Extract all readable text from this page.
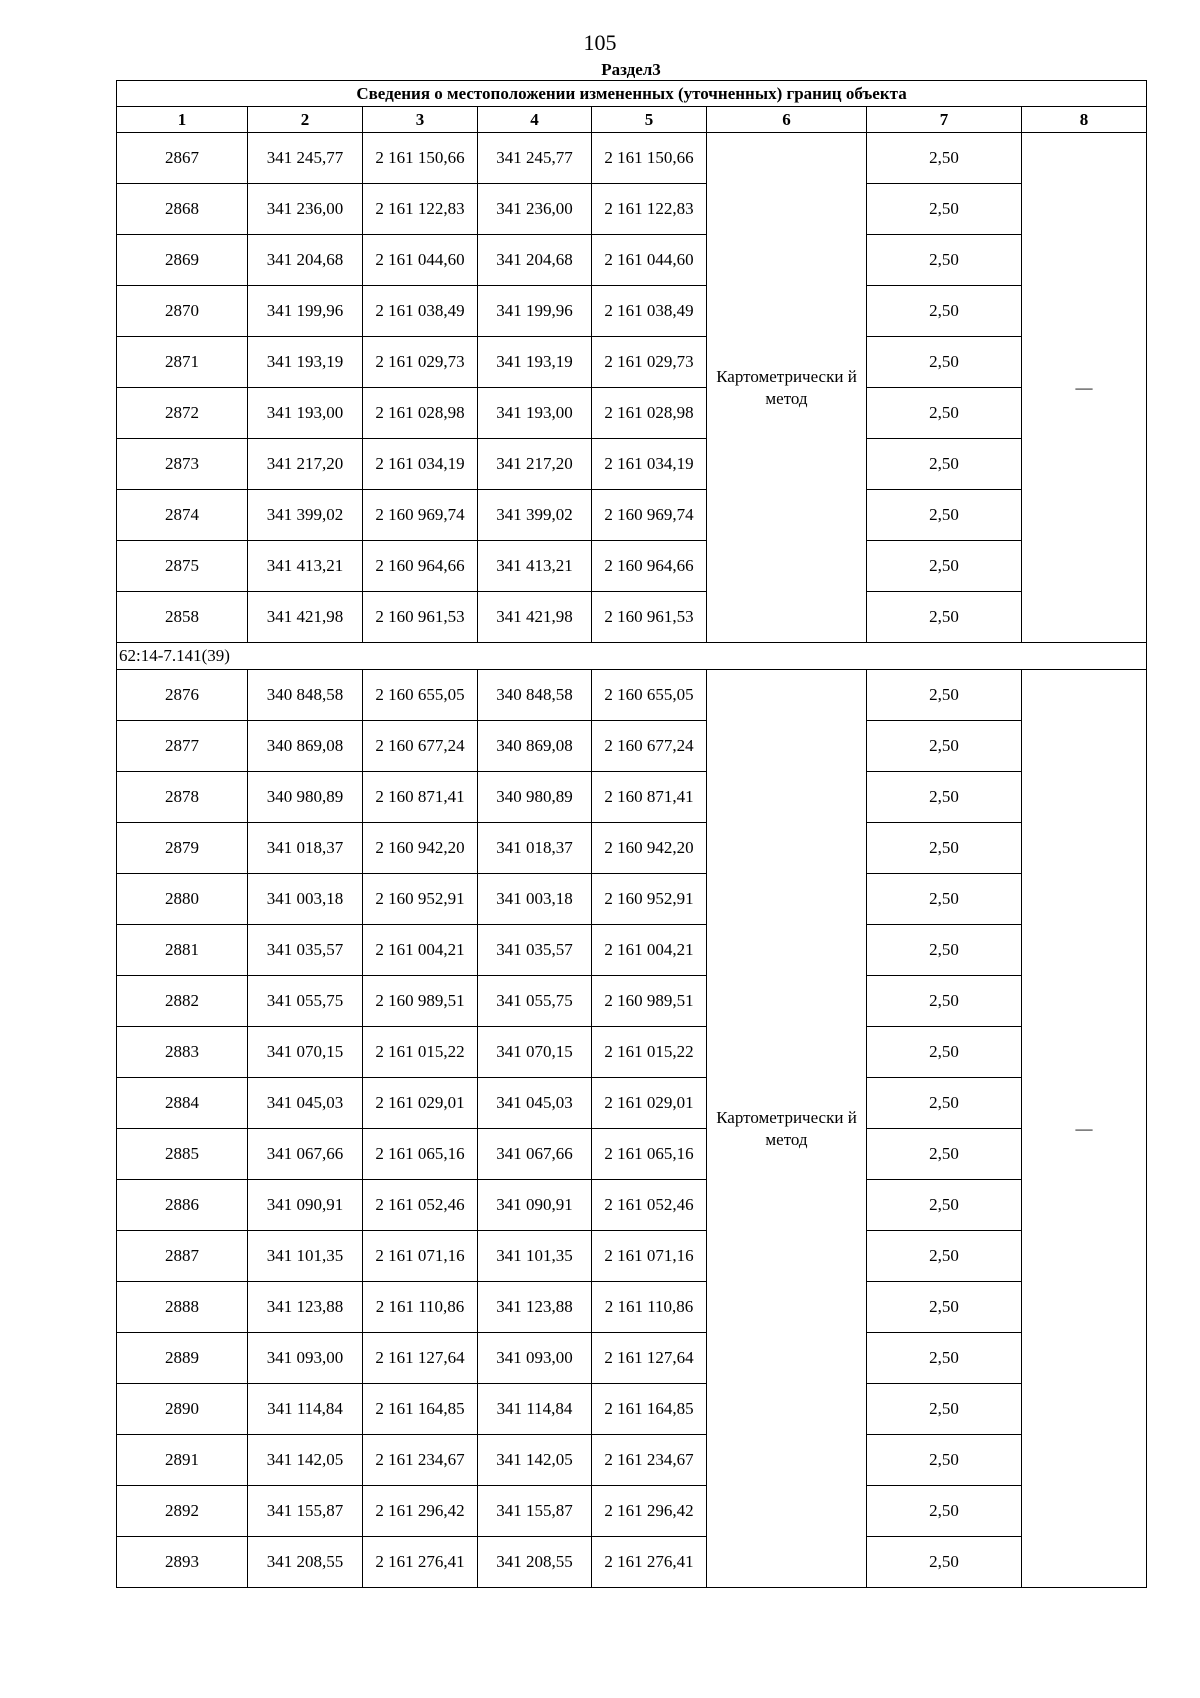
105
Раздел3
Сведения о местоположении измененных (уточненных) границ объекта							
1	2	3	4	5	6	7	8
2867	341 245,77	2 161 150,66	341 245,77	2 161 150,66	Картометрически й метод	2,50	—
2868	341 236,00	2 161 122,83	341 236,00	2 161 122,83		2,50	
2869	341 204,68	2 161 044,60	341 204,68	2 161 044,60		2,50	
2870	341 199,96	2 161 038,49	341 199,96	2 161 038,49		2,50	
2871	341 193,19	2 161 029,73	341 193,19	2 161 029,73		2,50	
2872	341 193,00	2 161 028,98	341 193,00	2 161 028,98		2,50	
2873	341 217,20	2 161 034,19	341 217,20	2 161 034,19		2,50	
2874	341 399,02	2 160 969,74	341 399,02	2 160 969,74		2,50	
2875	341 413,21	2 160 964,66	341 413,21	2 160 964,66		2,50	
2858	341 421,98	2 160 961,53	341 421,98	2 160 961,53		2,50	
62:14-7.141(39)							
2876	340 848,58	2 160 655,05	340 848,58	2 160 655,05	Картометрически й метод	2,50	—
2877	340 869,08	2 160 677,24	340 869,08	2 160 677,24		2,50	
2878	340 980,89	2 160 871,41	340 980,89	2 160 871,41		2,50	
2879	341 018,37	2 160 942,20	341 018,37	2 160 942,20		2,50	
2880	341 003,18	2 160 952,91	341 003,18	2 160 952,91		2,50	
2881	341 035,57	2 161 004,21	341 035,57	2 161 004,21		2,50	
2882	341 055,75	2 160 989,51	341 055,75	2 160 989,51		2,50	
2883	341 070,15	2 161 015,22	341 070,15	2 161 015,22		2,50	
2884	341 045,03	2 161 029,01	341 045,03	2 161 029,01		2,50	
2885	341 067,66	2 161 065,16	341 067,66	2 161 065,16		2,50	
2886	341 090,91	2 161 052,46	341 090,91	2 161 052,46		2,50	
2887	341 101,35	2 161 071,16	341 101,35	2 161 071,16		2,50	
2888	341 123,88	2 161 110,86	341 123,88	2 161 110,86		2,50	
2889	341 093,00	2 161 127,64	341 093,00	2 161 127,64		2,50	
2890	341 114,84	2 161 164,85	341 114,84	2 161 164,85		2,50	
2891	341 142,05	2 161 234,67	341 142,05	2 161 234,67		2,50	
2892	341 155,87	2 161 296,42	341 155,87	2 161 296,42		2,50	
2893	341 208,55	2 161 276,41	341 208,55	2 161 276,41		2,50	
